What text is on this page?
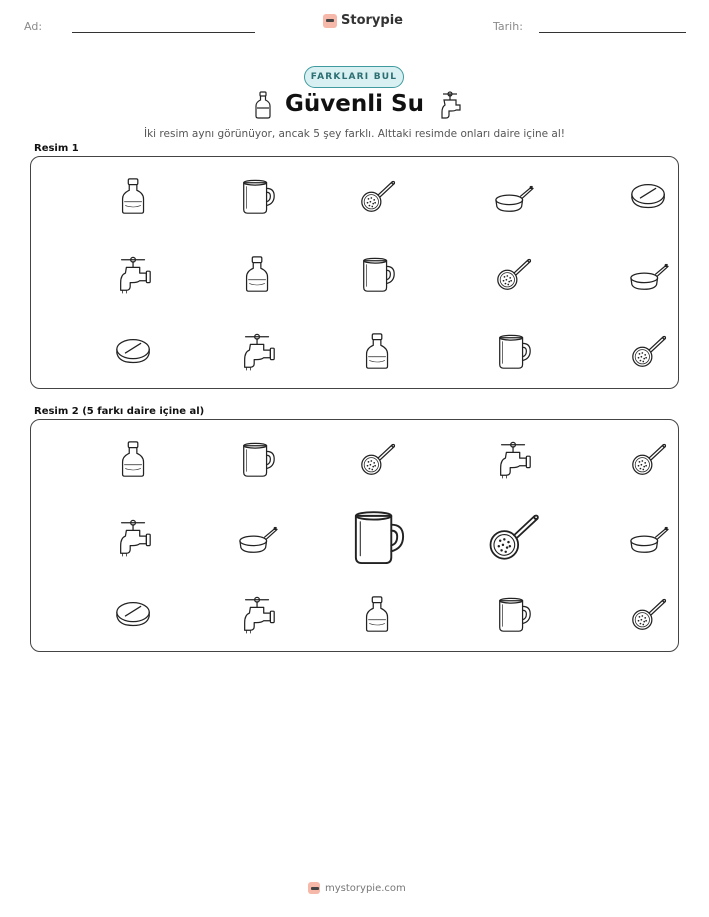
Ad:	Storypie	Tarih:
FARKLARI BUL
Güvenli Su
İki resim aynı görünüyor, ancak 5 şey farklı. Alttaki resimde onları daire içine al!
Resim 1
Resim 2 (5 farkı daire içine al)
mystorypie.com
